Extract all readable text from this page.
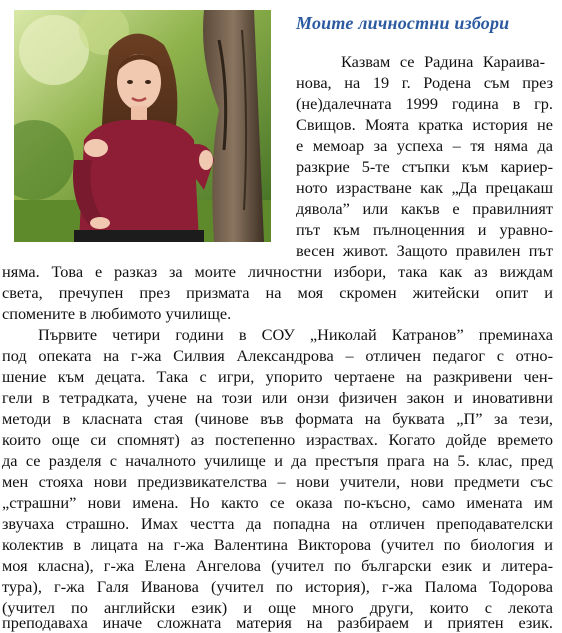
Моите личностни избори
Казвам се Радина Караива-
нова, на 19 г. Родена съм през
(не)далечната 1999 година в гр.
Свищов. Моята кратка история не
е мемоар за успеха – тя няма да
разкрие 5-те стъпки към кариер-
ното израстване как „Да прецакаш
дявола” или какъв е правилният
път към пълноценния и уравно-
весен живот. Защото правилен път
няма. Това е разказ за моите личностни избори, така как аз виждам
света, пречупен през призмата на моя скромен житейски опит и
спомените в любимото училище.
Първите четири години в СОУ „Николай Катранов” преминаха
под опеката на г-жа Силвия Александрова – отличен педагог с отно-
шение към децата. Така с игри, упорито чертаене на разкривени чен-
гели в тетрадката, учене на този или онзи физичен закон и иновативни
методи в класната стая (чинове във формата на буквата „П” за тези,
които още си спомнят) аз постепенно израствах. Когато дойде времето
да се разделя с началното училище и да престъпя прага на 5. клас, пред
мен стояха нови предизвикателства – нови учители, нови предмети със
„страшни” нови имена. Но както се оказа по-късно, само имената им
звучаха страшно. Имах честта да попадна на отличен преподавателски
колектив в лицата на г-жа Валентина Викторова (учител по биология и
моя класна), г-жа Елена Ангелова (учител по български език и литера-
тура), г-жа Галя Иванова (учител по история), г-жа Палома Тодорова
(учител по английски език) и още много други, които с лекота
преподаваха иначе сложната материя на разбираем и приятен език.
